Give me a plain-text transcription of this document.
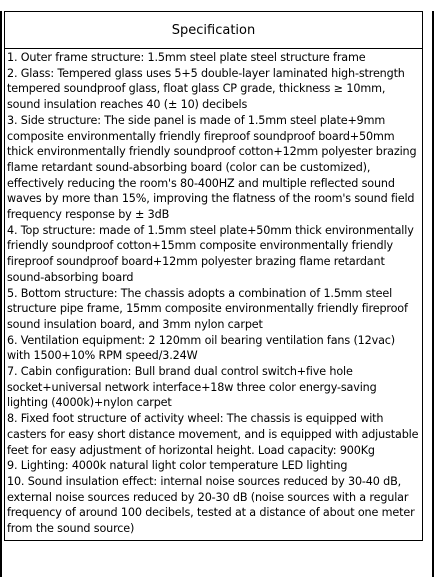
Specification

1. Outer frame structure: 1.5mm steel plate steel structure frame

2. Glass: Tempered glass uses 5+5 double-layer laminated high-strength tempered soundproof glass, float glass CP grade, thickness ≥ 10mm, sound insulation reaches 40 (± 10) decibels

3. Side structure: The side panel is made of 1.5mm steel plate+9mm composite environmentally friendly fireproof soundproof board+50mm thick environmentally friendly soundproof cotton+12mm polyester brazing flame retardant sound-absorbing board (color can be customized), effectively reducing the room's 80-400HZ and multiple reflected sound waves by more than 15%, improving the flatness of the room's sound field frequency response by ± 3dB

4. Top structure: made of 1.5mm steel plate+50mm thick environmentally friendly soundproof cotton+15mm composite environmentally friendly fireproof soundproof board+12mm polyester brazing flame retardant sound-absorbing board

5. Bottom structure: The chassis adopts a combination of 1.5mm steel structure pipe frame, 15mm composite environmentally friendly fireproof sound insulation board, and 3mm nylon carpet

6. Ventilation equipment: 2 120mm oil bearing ventilation fans (12vac) with 1500+10% RPM speed/3.24W

7. Cabin configuration: Bull brand dual control switch+five hole socket+universal network interface+18w three color energy-saving lighting (4000k)+nylon carpet

8. Fixed foot structure of activity wheel: The chassis is equipped with casters for easy short distance movement, and is equipped with adjustable feet for easy adjustment of horizontal height. Load capacity: 900Kg

9. Lighting: 4000k natural light color temperature LED lighting

10. Sound insulation effect: internal noise sources reduced by 30-40 dB, external noise sources reduced by 20-30 dB (noise sources with a regular frequency of around 100 decibels, tested at a distance of about one meter from the sound source)
